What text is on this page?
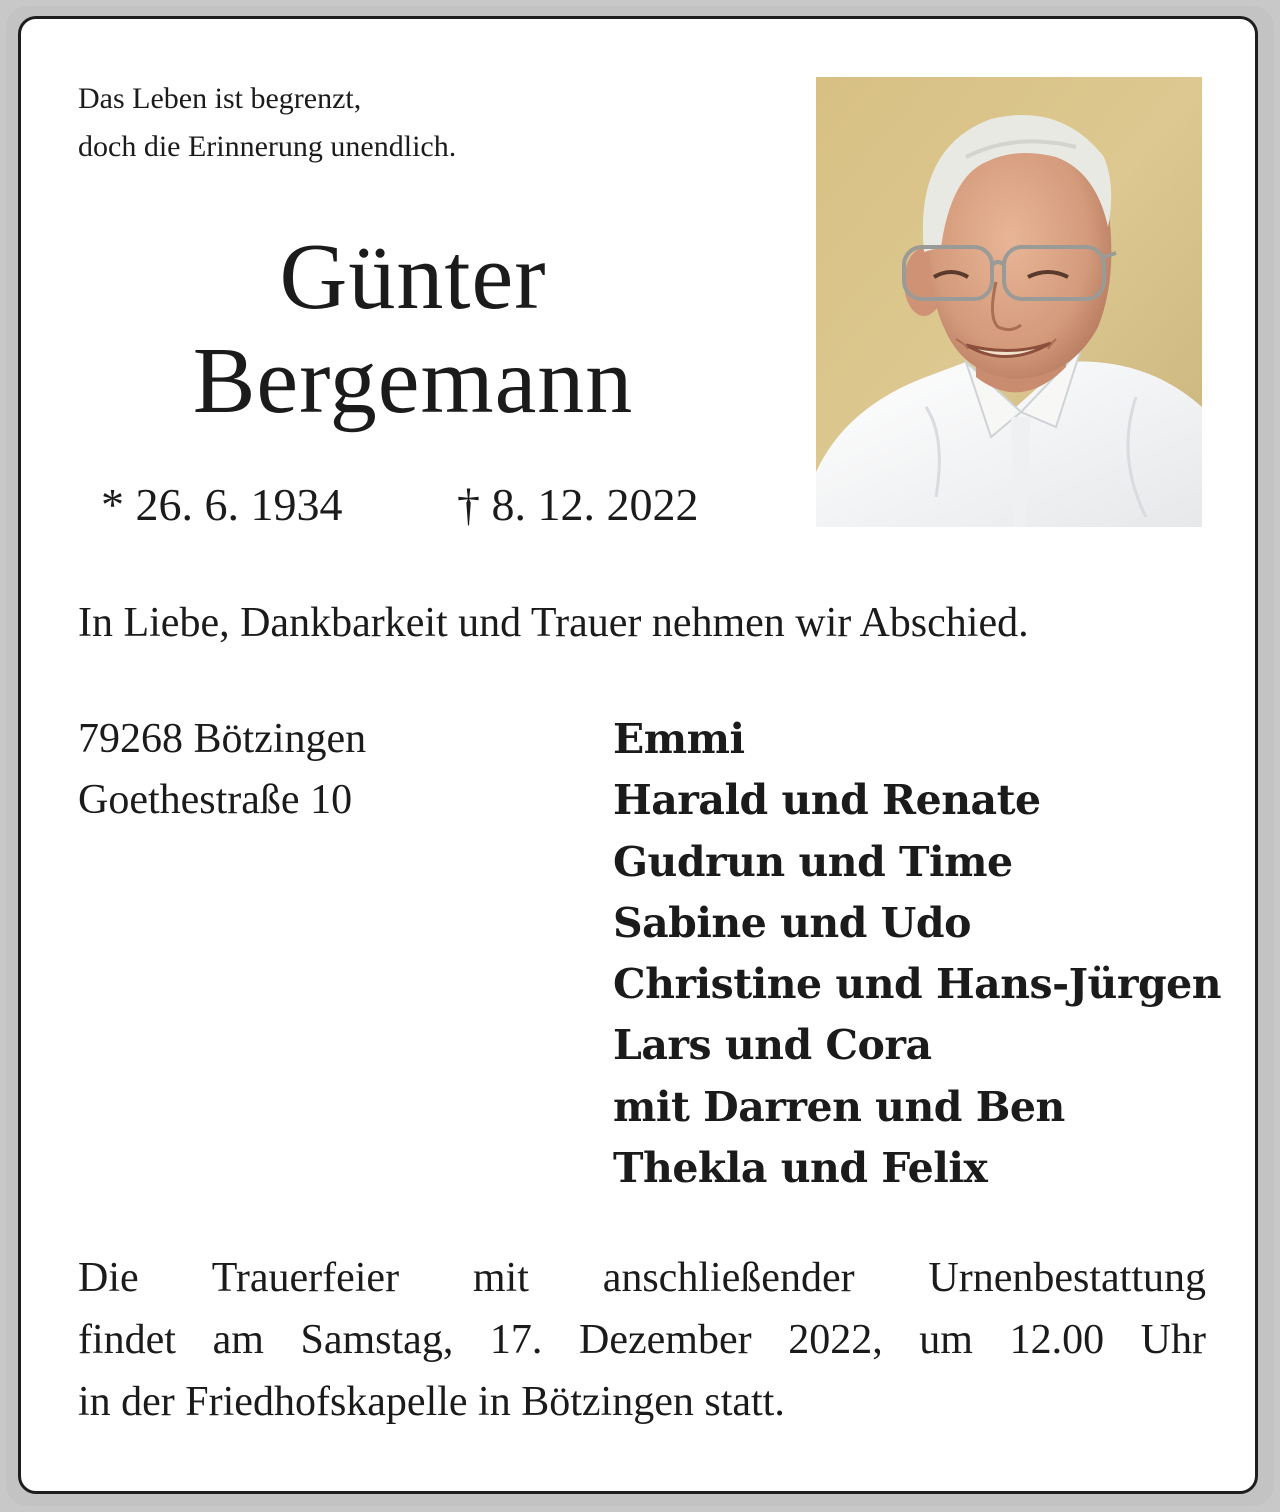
Das Leben ist begrenzt,
doch die Erinnerung unendlich.
Günter
Bergemann
* 26. 6. 1934 † 8. 12. 2022

In Liebe, Dankbarkeit und Trauer nehmen wir Abschied.

79268 Bötzingen
Goethestraße 10
Emmi
Harald und Renate
Gudrun und Time
Sabine und Udo
Christine und Hans-Jürgen
Lars und Cora
mit Darren und Ben
Thekla und Felix
Die Trauerfeier mit anschließender Urnenbestattung
findet am Samstag, 17. Dezember 2022, um 12.00 Uhr
in der Friedhofskapelle in Bötzingen statt.
